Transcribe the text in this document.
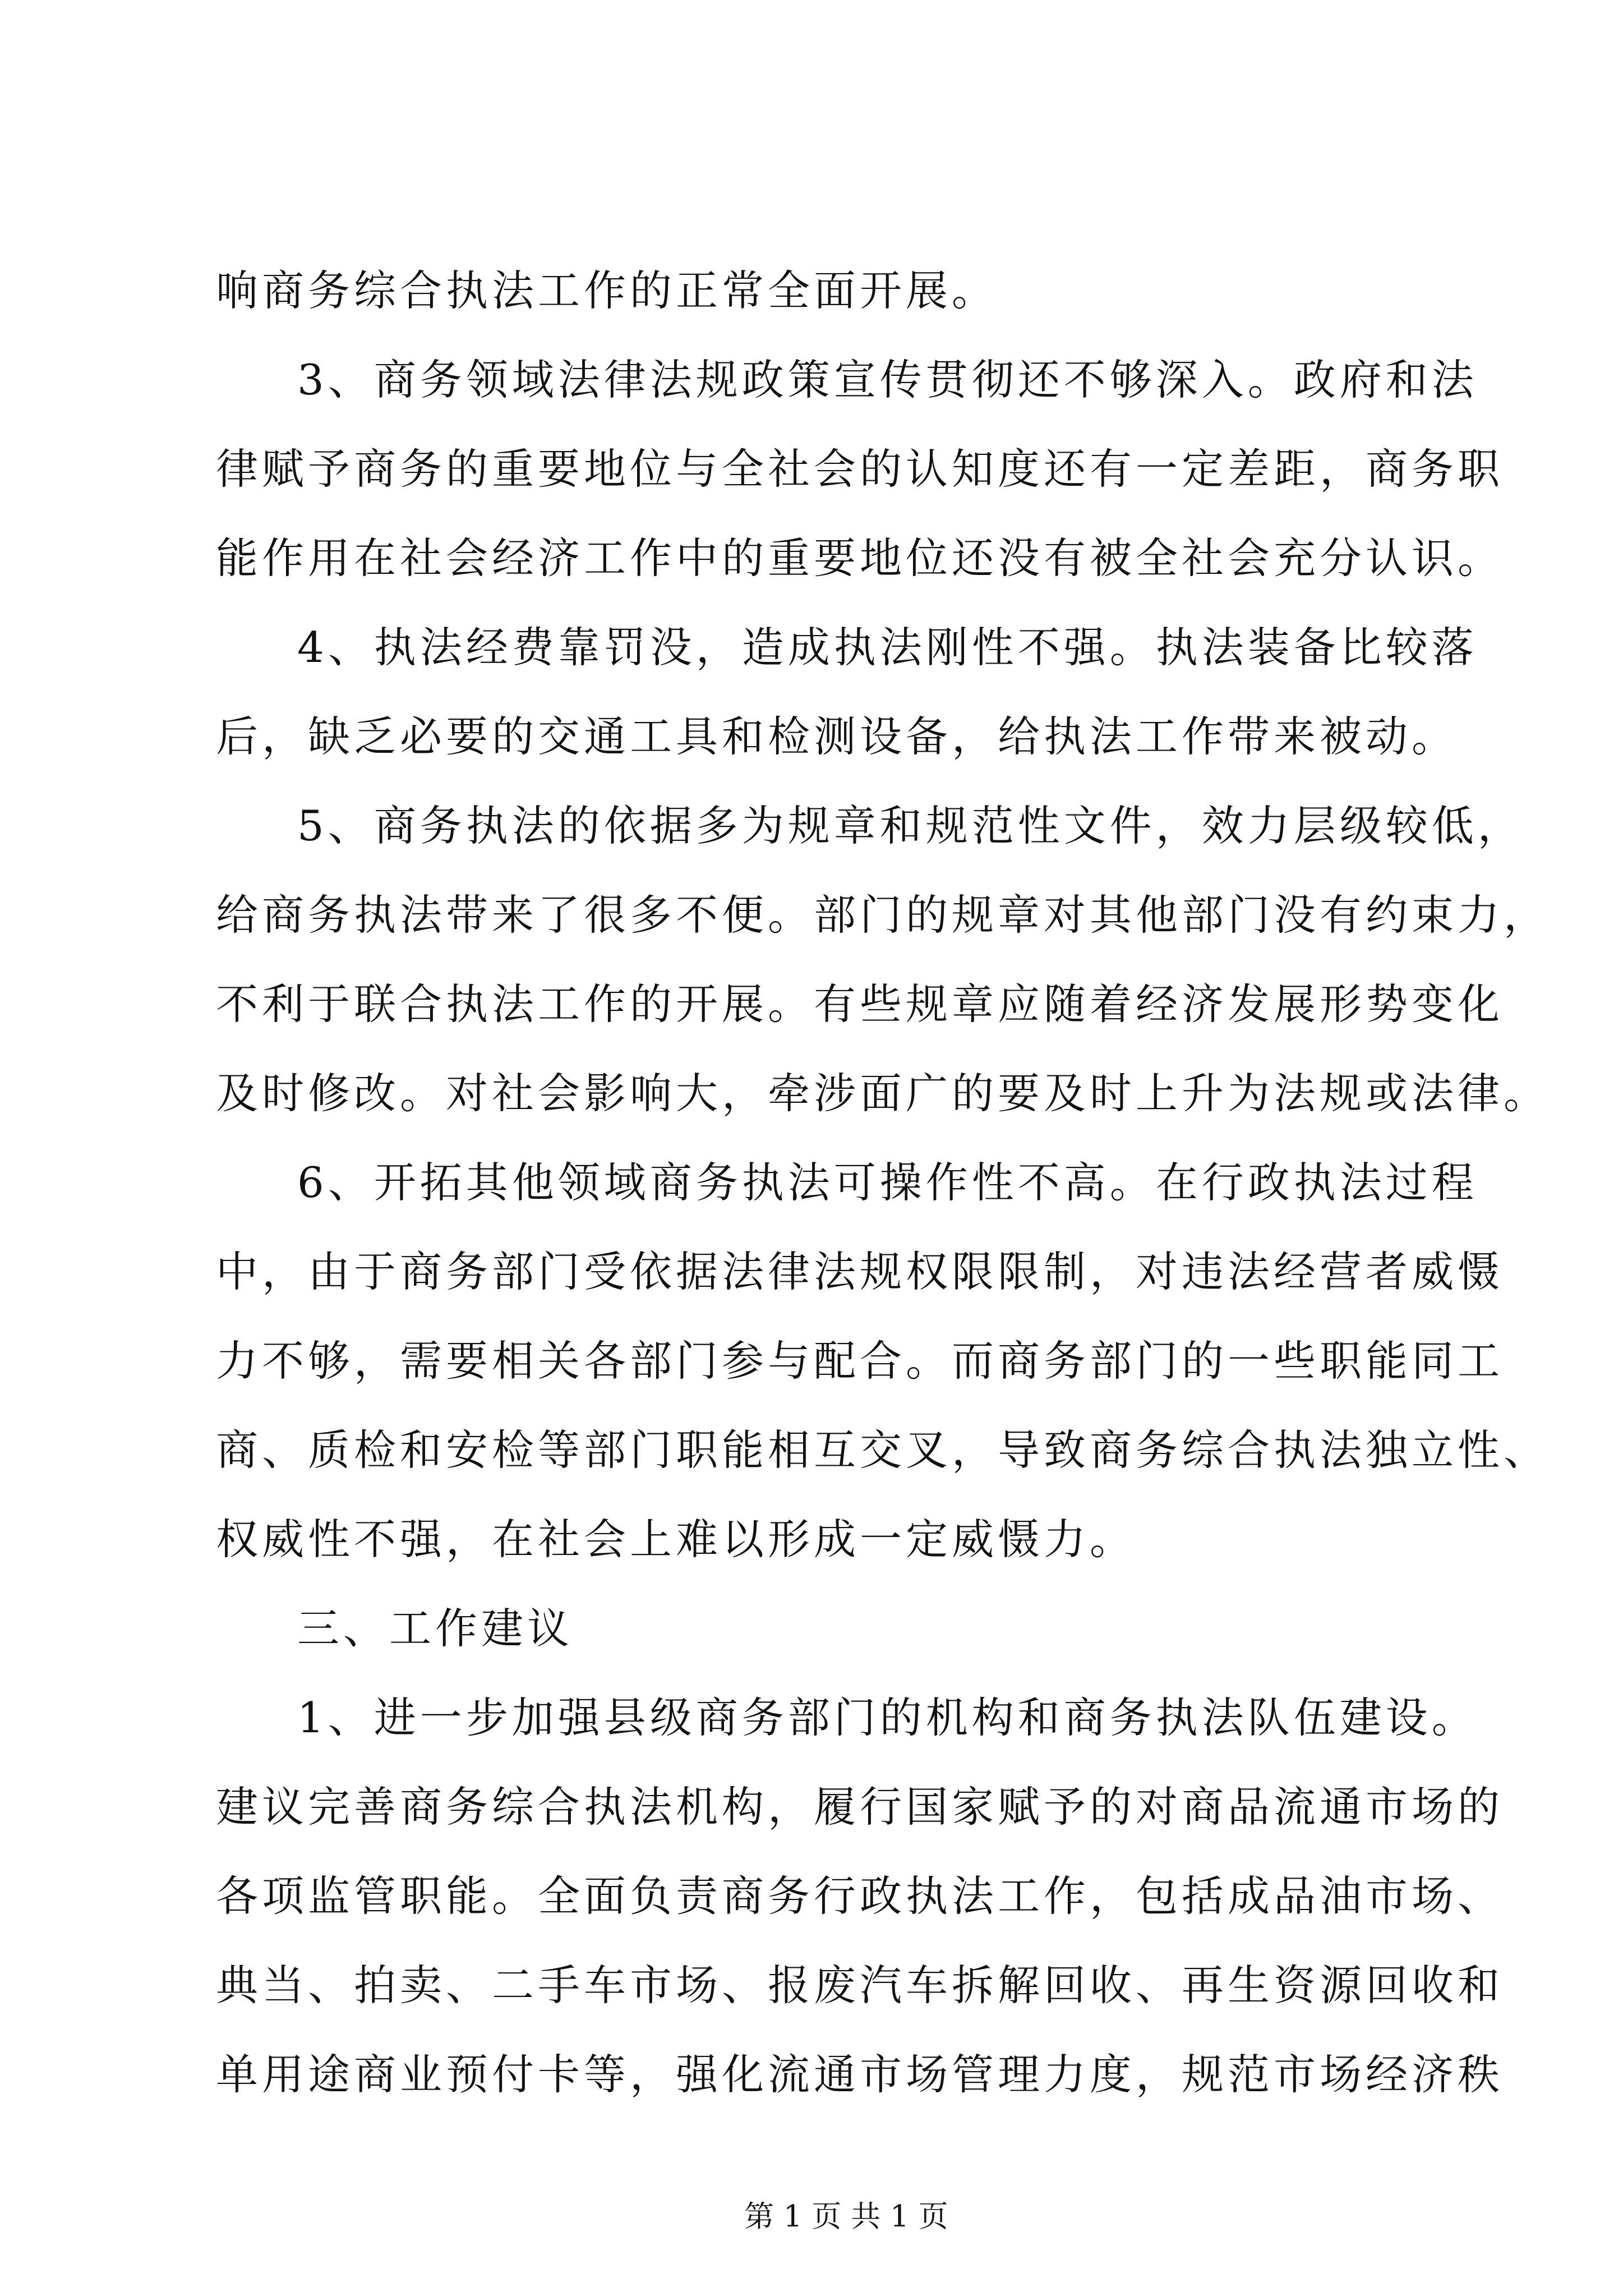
响商务综合执法工作的正常全面开展。

3、商务领域法律法规政策宣传贯彻还不够深入。政府和法

律赋予商务的重要地位与全社会的认知度还有一定差距，商务职

能作用在社会经济工作中的重要地位还没有被全社会充分认识。

4、执法经费靠罚没，造成执法刚性不强。执法装备比较落

后，缺乏必要的交通工具和检测设备，给执法工作带来被动。

5、商务执法的依据多为规章和规范性文件，效力层级较低，

给商务执法带来了很多不便。部门的规章对其他部门没有约束力，

不利于联合执法工作的开展。有些规章应随着经济发展形势变化

及时修改。对社会影响大，牵涉面广的要及时上升为法规或法律。

6、开拓其他领域商务执法可操作性不高。在行政执法过程

中，由于商务部门受依据法律法规权限限制，对违法经营者威慑

力不够，需要相关各部门参与配合。而商务部门的一些职能同工

商、质检和安检等部门职能相互交叉，导致商务综合执法独立性、

权威性不强，在社会上难以形成一定威慑力。

三、工作建议

1、进一步加强县级商务部门的机构和商务执法队伍建设。

建议完善商务综合执法机构，履行国家赋予的对商品流通市场的

各项监管职能。全面负责商务行政执法工作，包括成品油市场、

典当、拍卖、二手车市场、报废汽车拆解回收、再生资源回收和

单用途商业预付卡等，强化流通市场管理力度，规范市场经济秩

第 1 页 共 1 页
